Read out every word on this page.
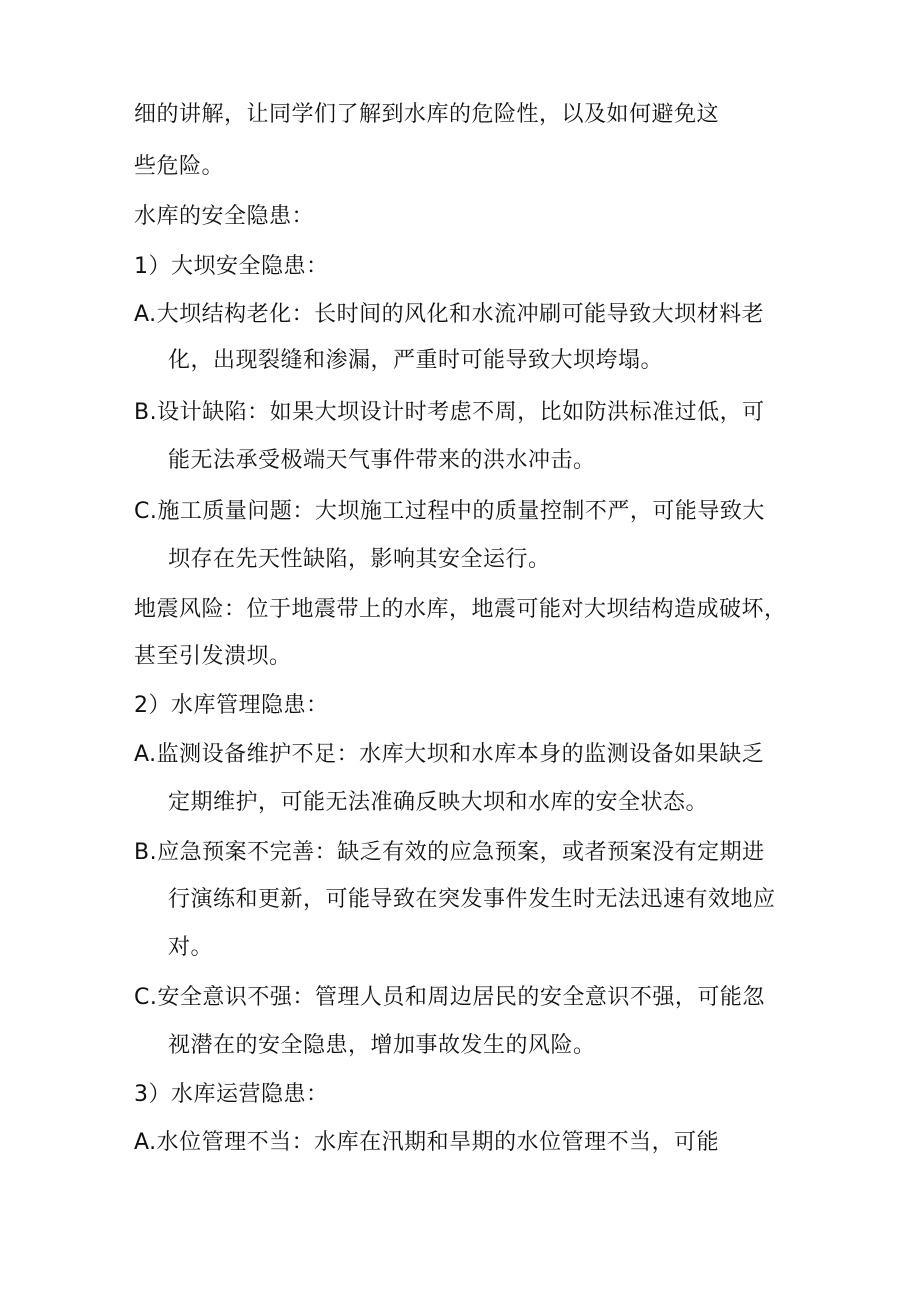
细的讲解，让同学们了解到水库的危险性，以及如何避免这
些危险。
水库的安全隐患：
1）大坝安全隐患：
A.大坝结构老化：长时间的风化和水流冲刷可能导致大坝材料老
化，出现裂缝和渗漏，严重时可能导致大坝垮塌。
B.设计缺陷：如果大坝设计时考虑不周，比如防洪标准过低，可
能无法承受极端天气事件带来的洪水冲击。
C.施工质量问题：大坝施工过程中的质量控制不严，可能导致大
坝存在先天性缺陷，影响其安全运行。
地震风险：位于地震带上的水库，地震可能对大坝结构造成破坏，
甚至引发溃坝。
2）水库管理隐患：
A.监测设备维护不足：水库大坝和水库本身的监测设备如果缺乏
定期维护，可能无法准确反映大坝和水库的安全状态。
B.应急预案不完善：缺乏有效的应急预案，或者预案没有定期进
行演练和更新，可能导致在突发事件发生时无法迅速有效地应
对。
C.安全意识不强：管理人员和周边居民的安全意识不强，可能忽
视潜在的安全隐患，增加事故发生的风险。
3）水库运营隐患：
A.水位管理不当：水库在汛期和旱期的水位管理不当，可能
